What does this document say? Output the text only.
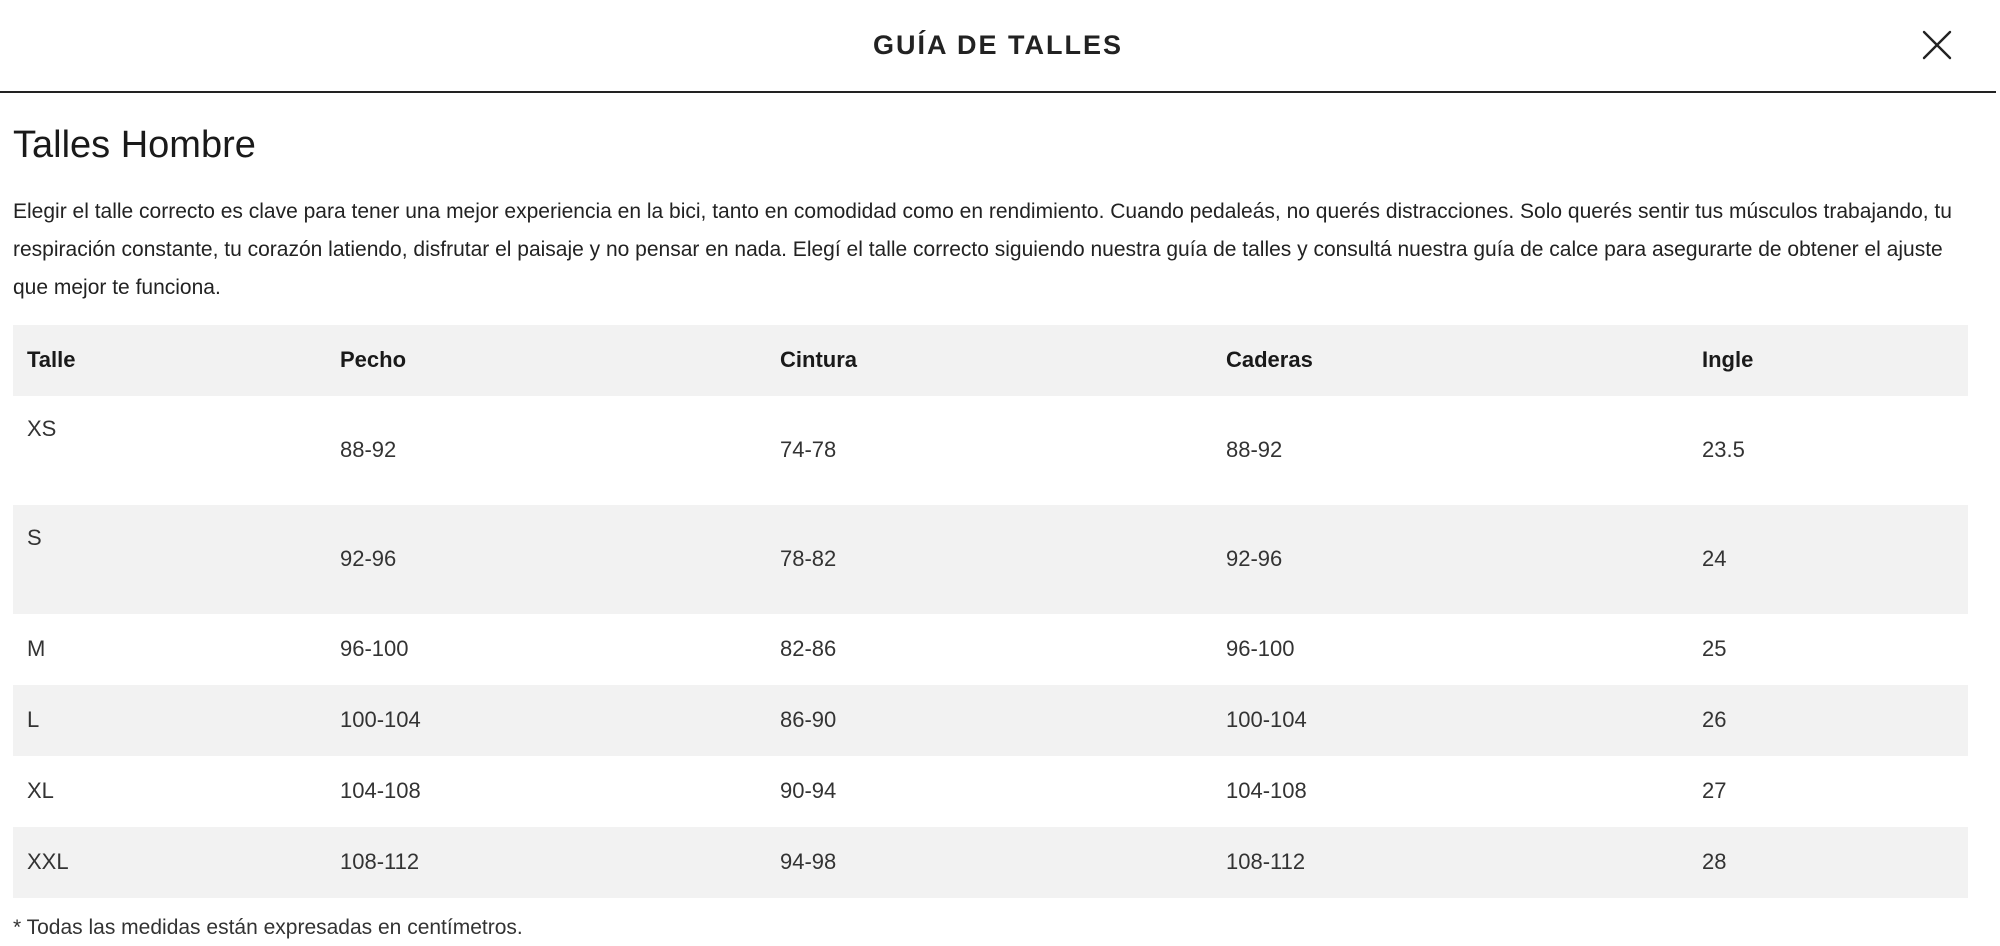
GUÍA DE TALLES
Talles Hombre

Elegir el talle correcto es clave para tener una mejor experiencia en la bici, tanto en comodidad como en rendimiento. Cuando pedaleás, no querés distracciones. Solo querés sentir tus músculos trabajando, tu respiración constante, tu corazón latiendo, disfrutar el paisaje y no pensar en nada. Elegí el talle correcto siguiendo nuestra guía de talles y consultá nuestra guía de calce para asegurarte de obtener el ajuste que mejor te funciona.

Talle	Pecho	Cintura	Caderas	Ingle
XS	88-92	74-78	88-92	23.5
S	92-96	78-82	92-96	24
M	96-100	82-86	96-100	25
L	100-104	86-90	100-104	26
XL	104-108	90-94	104-108	27
XXL	108-112	94-98	108-112	28
* Todas las medidas están expresadas en centímetros.
